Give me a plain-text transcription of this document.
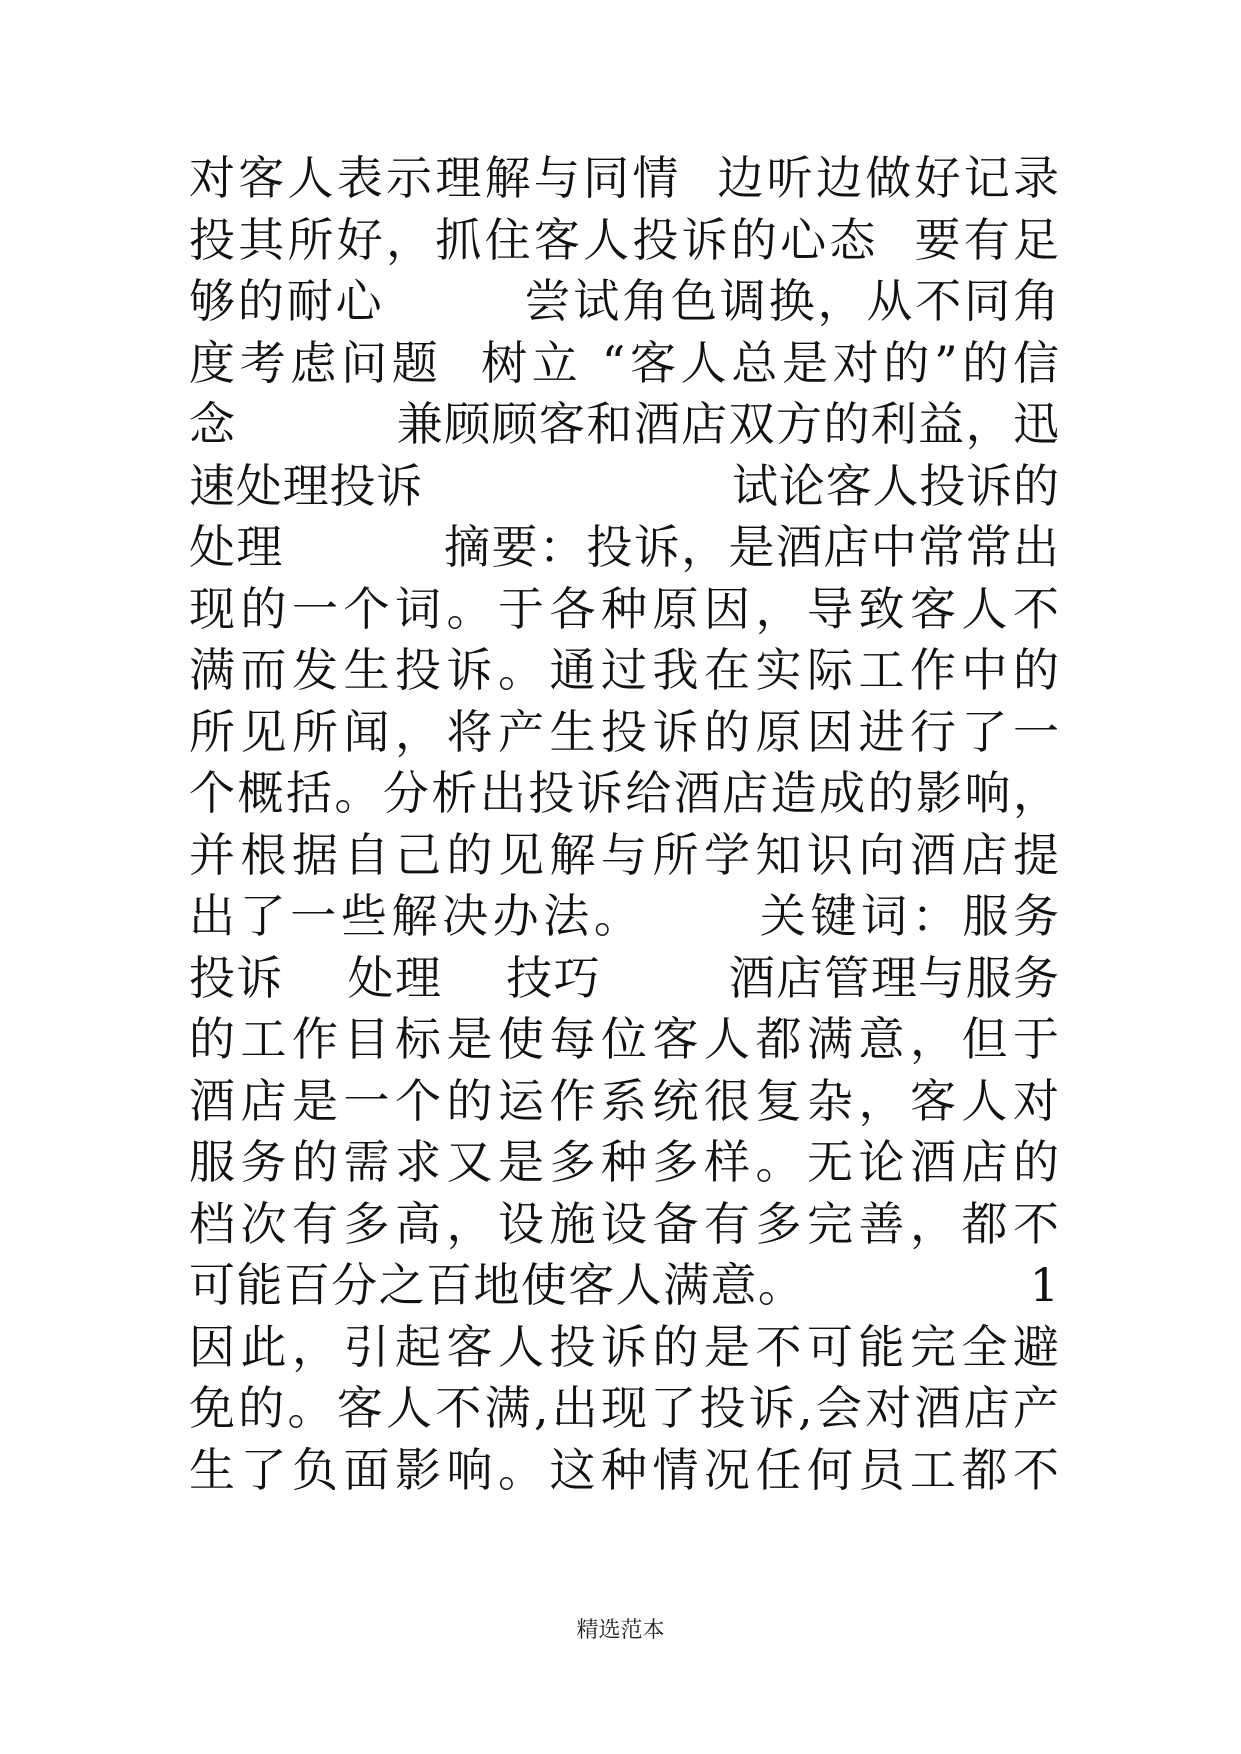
对客人表示理解与同情  边听边做好记录
投其所好，抓住客人投诉的心态  要有足
够的耐心        尝试角色调换，从不同角
度考虑问题  树立 “客人总是对的”的信
念          兼顾顾客和酒店双方的利益，迅
速处理投诉                    试论客人投诉的
处理          摘要：投诉，是酒店中常常出
现的一个词。于各种原因，导致客人不
满而发生投诉。通过我在实际工作中的
所见所闻，将产生投诉的原因进行了一
个概括。分析出投诉给酒店造成的影响，
并根据自己的见解与所学知识向酒店提
出了一些解决办法。      关键词：服务
投诉    处理    技巧        酒店管理与服务
的工作目标是使每位客人都满意，但于
酒店是一个的运作系统很复杂，客人对
服务的需求又是多种多样。无论酒店的
档次有多高，设施设备有多完善，都不
可能百分之百地使客人满意。              1
因此，引起客人投诉的是不可能完全避
免的。客人不满,出现了投诉,会对酒店产
生了负面影响。这种情况任何员工都不
精选范本
